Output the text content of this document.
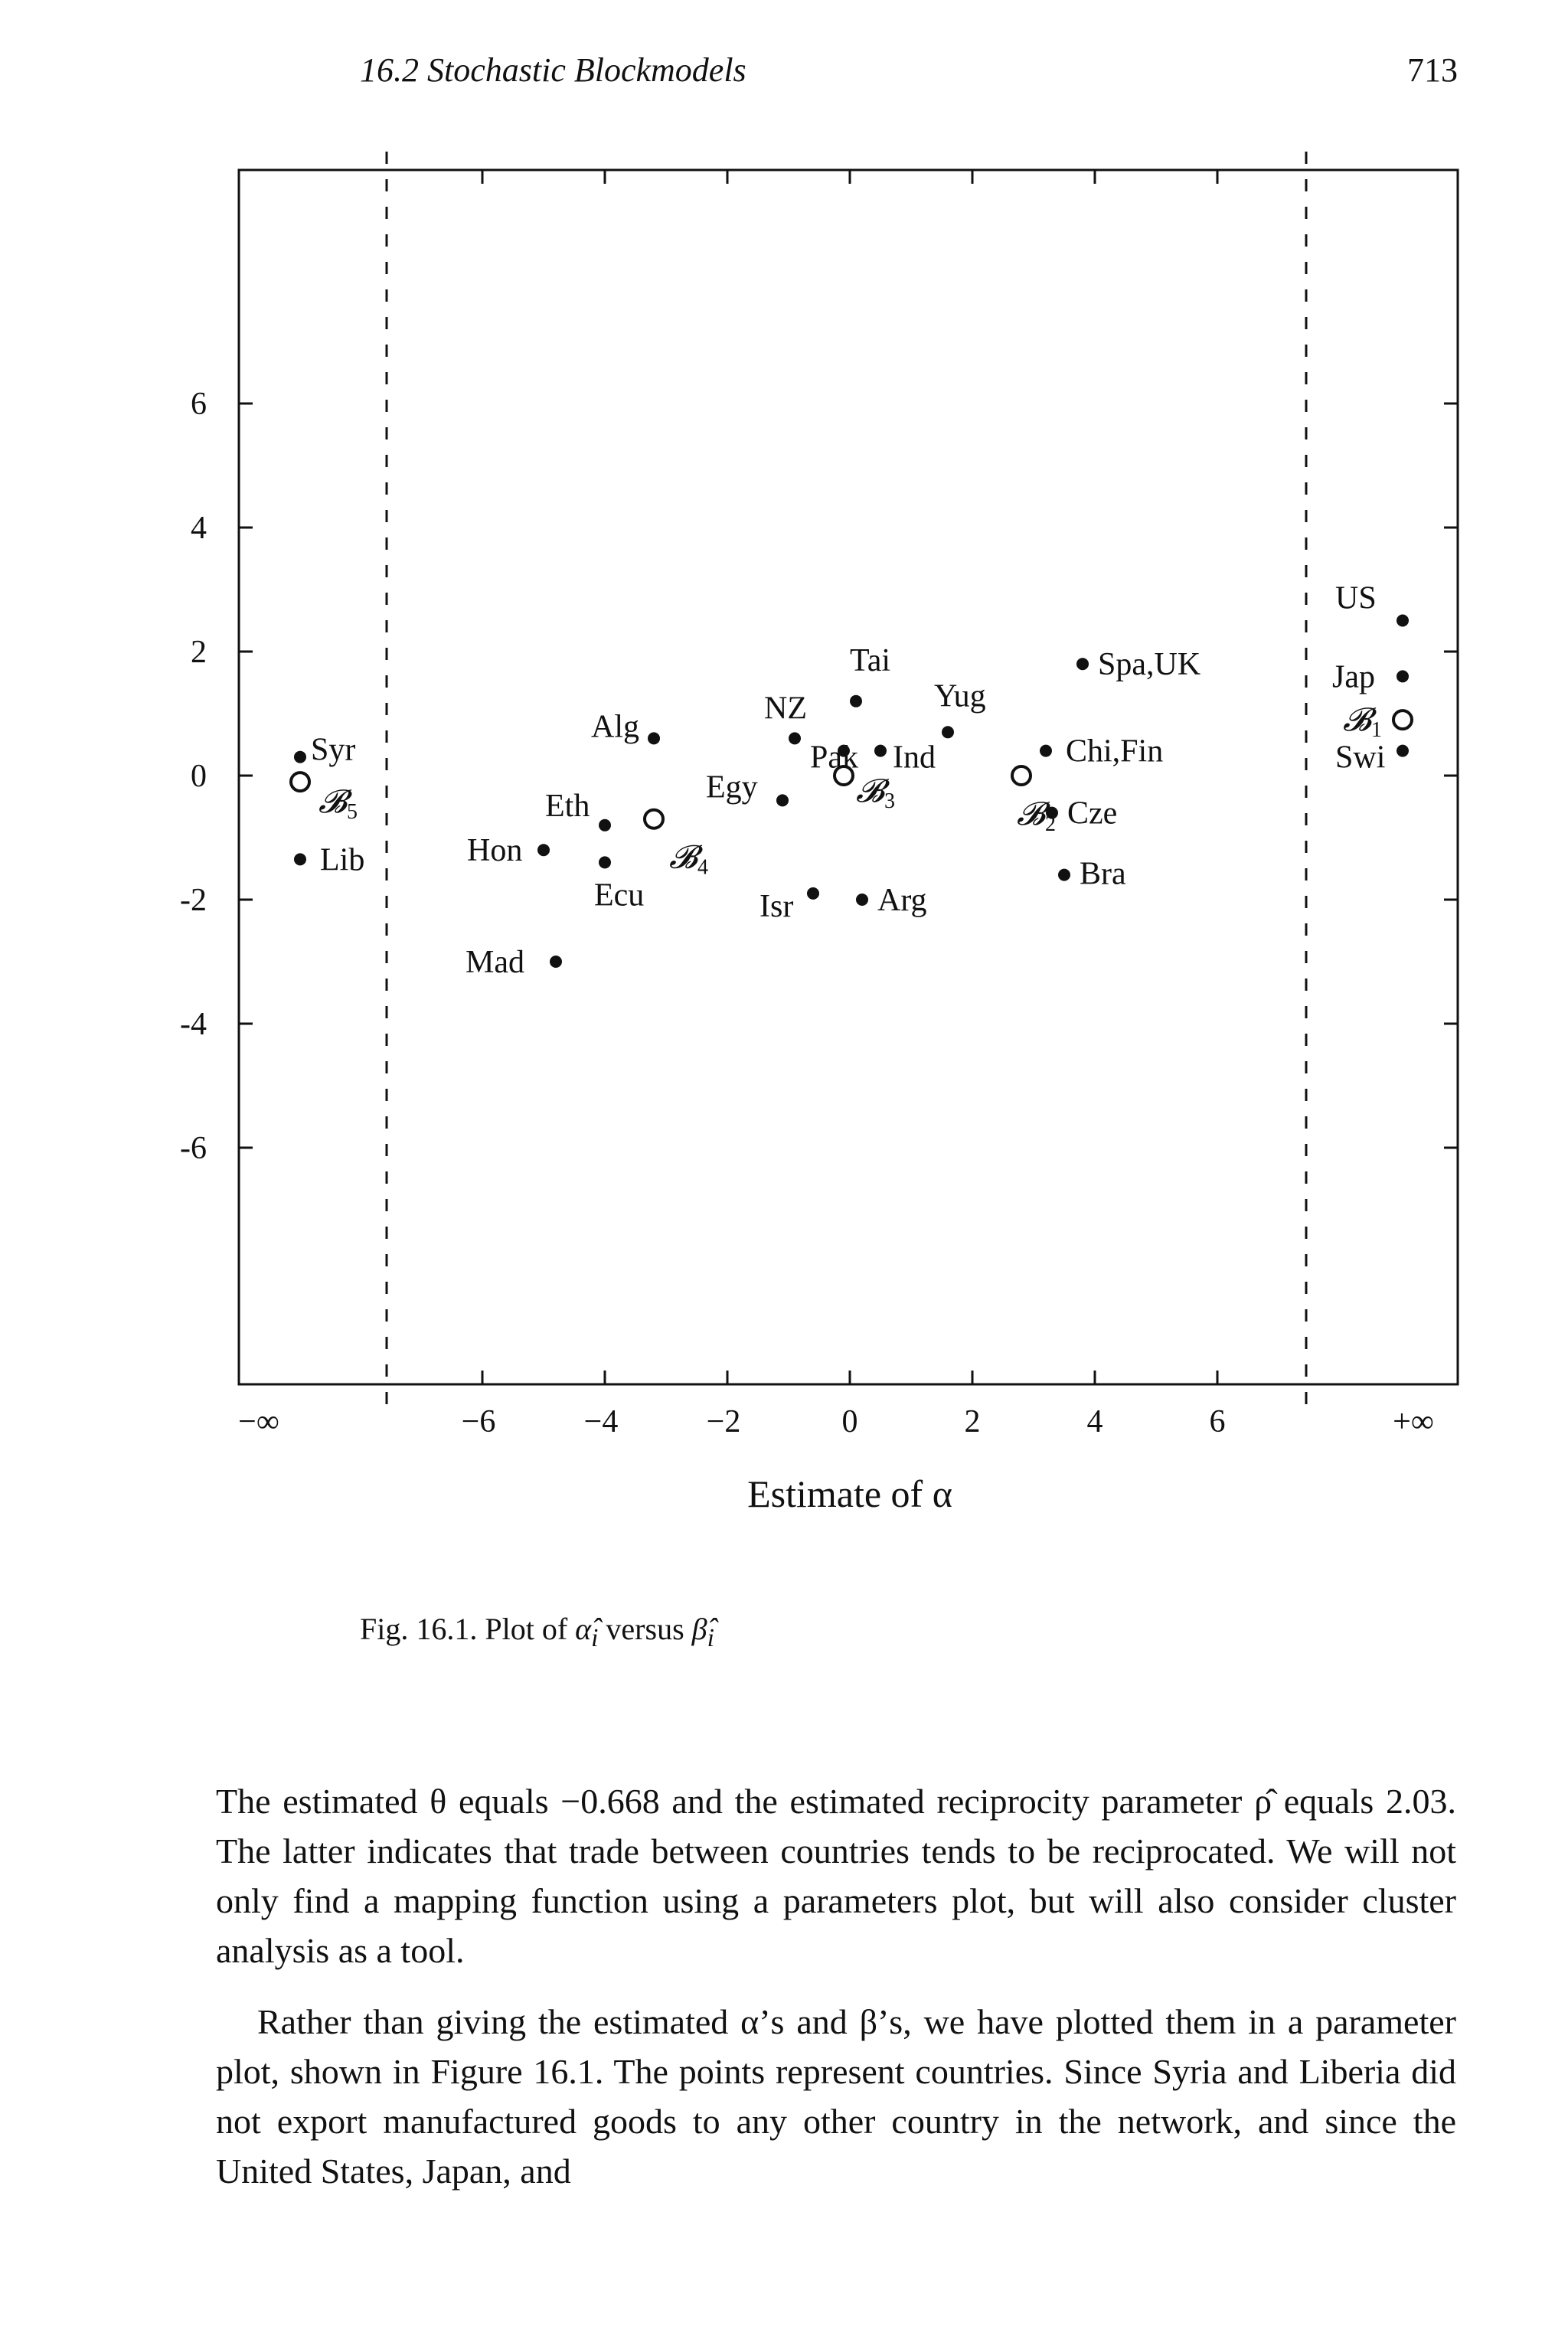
16.2 Stochastic Blockmodels	713
−∞	−6	−4	−2	0	2	4	6	+∞
6
4
2
0
-2
-4
-6
Estimate of α
Syr
Lib	Hon
Eth
Ecu
Alg
Mad
Egy
NZ
Pak
Tai
Ind
Yug
Isr	Arg
Spa,UK
Chi,Fin
Cze
Bra
US
Jap
Swi
𝓑1
𝓑2
𝓑3
𝓑4
𝓑5
Fig. 16.1. Plot of $\alphâ_i$ versus $\betâ_i$

The estimated θ equals −0.668 and the estimated reciprocity parameter ρ̂ equals 2.03. The latter indicates that trade between countries tends to be reciprocated. We will not only find a mapping function using a parameters plot, but will also consider cluster analysis as a tool.

Rather than giving the estimated α’s and β’s, we have plotted them in a parameter plot, shown in Figure 16.1. The points represent countries. Since Syria and Liberia did not export manufactured goods to any other country in the network, and since the United States, Japan, and
